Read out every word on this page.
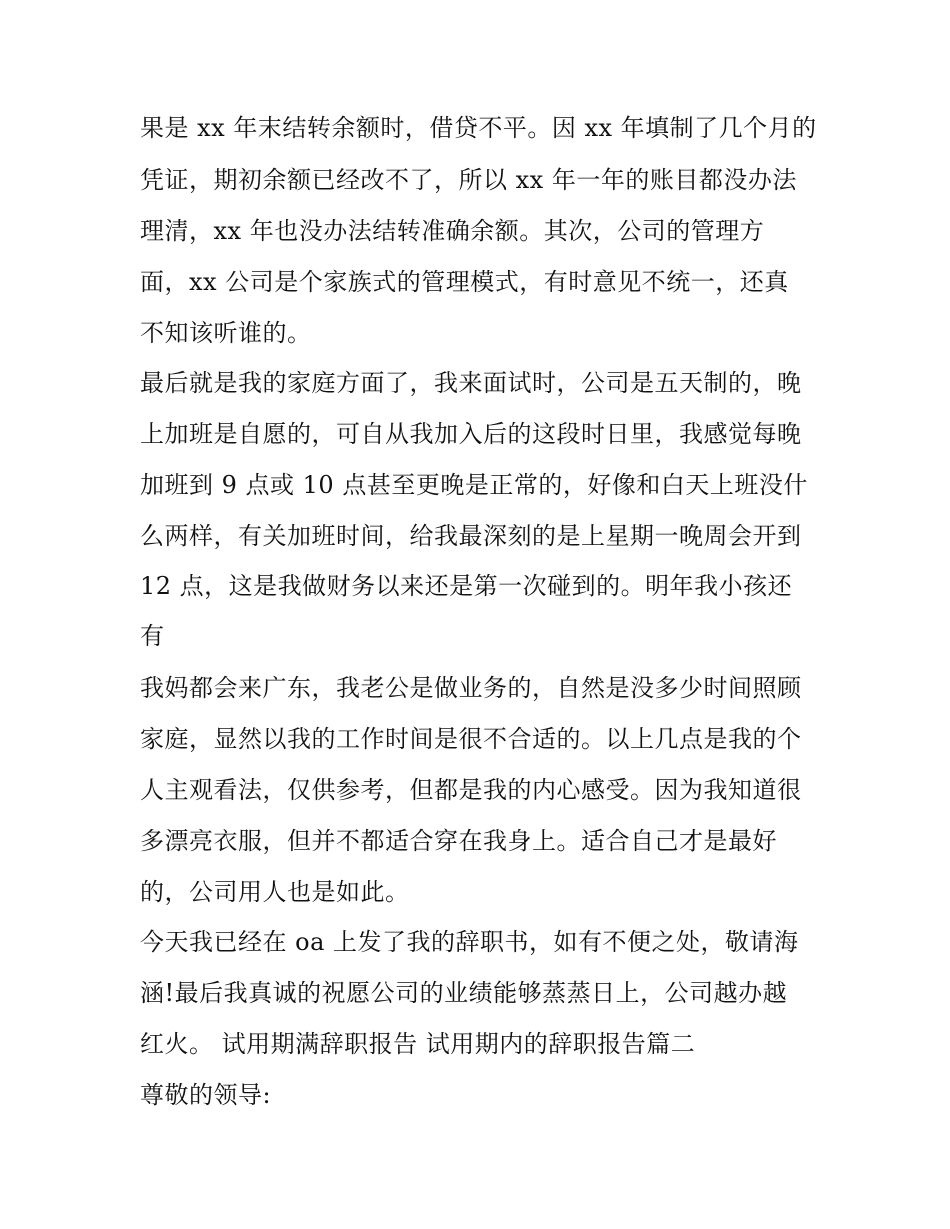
果是 xx 年末结转余额时，借贷不平。因 xx 年填制了几个月的
凭证，期初余额已经改不了，所以 xx 年一年的账目都没办法
理清，xx 年也没办法结转准确余额。其次，公司的管理方
面，xx 公司是个家族式的管理模式，有时意见不统一，还真
不知该听谁的。
最后就是我的家庭方面了，我来面试时，公司是五天制的，晚
上加班是自愿的，可自从我加入后的这段时日里，我感觉每晚
加班到 9 点或 10 点甚至更晚是正常的，好像和白天上班没什
么两样，有关加班时间，给我最深刻的是上星期一晚周会开到
12 点，这是我做财务以来还是第一次碰到的。明年我小孩还
有
我妈都会来广东，我老公是做业务的，自然是没多少时间照顾
家庭，显然以我的工作时间是很不合适的。以上几点是我的个
人主观看法，仅供参考，但都是我的内心感受。因为我知道很
多漂亮衣服，但并不都适合穿在我身上。适合自己才是最好
的，公司用人也是如此。
今天我已经在 oa 上发了我的辞职书，如有不便之处，敬请海
涵!最后我真诚的祝愿公司的业绩能够蒸蒸日上，公司越办越
红火。 试用期满辞职报告 试用期内的辞职报告篇二
尊敬的领导:
